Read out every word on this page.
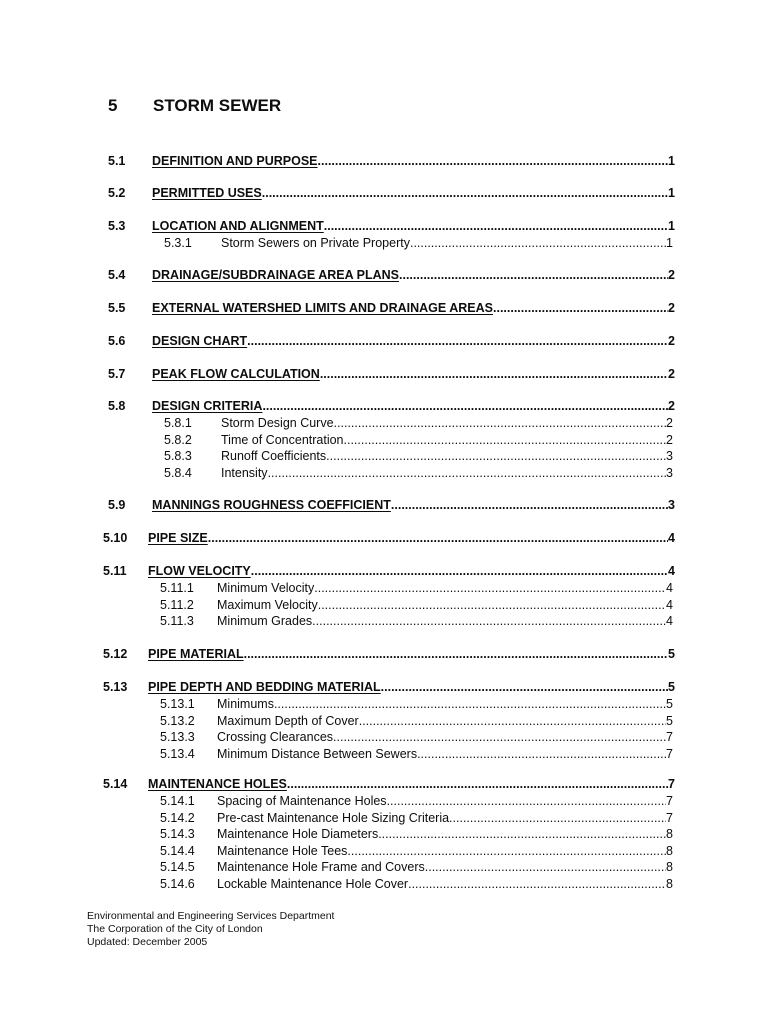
5 STORM SEWER
5.1 DEFINITION AND PURPOSE .....	1
5.2 PERMITTED USES .....	1
5.3 LOCATION AND ALIGNMENT .....	1
5.3.1 Storm Sewers on Private Property .....	1
5.4 DRAINAGE/SUBDRAINAGE AREA PLANS .....	2
5.5 EXTERNAL WATERSHED LIMITS AND DRAINAGE AREAS .....	2
5.6 DESIGN CHART .....	2
5.7 PEAK FLOW CALCULATION .....	2
5.8 DESIGN CRITERIA .....	2
5.8.1 Storm Design Curve .....	2
5.8.2 Time of Concentration .....	2
5.8.3 Runoff Coefficients .....	3
5.8.4 Intensity .....	3
5.9 MANNINGS ROUGHNESS COEFFICIENT .....	3
5.10 PIPE SIZE .....	4
5.11 FLOW VELOCITY .....	4
5.11.1 Minimum Velocity .....	4
5.11.2 Maximum Velocity .....	4
5.11.3 Minimum Grades .....	4
5.12 PIPE MATERIAL .....	5
5.13 PIPE DEPTH AND BEDDING MATERIAL .....	5
5.13.1 Minimums .....	5
5.13.2 Maximum Depth of Cover .....	5
5.13.3 Crossing Clearances .....	7
5.13.4 Minimum Distance Between Sewers .....	7
5.14 MAINTENANCE HOLES .....	7
5.14.1 Spacing of Maintenance Holes .....	7
5.14.2 Pre-cast Maintenance Hole Sizing Criteria .....	7
5.14.3 Maintenance Hole Diameters .....	8
5.14.4 Maintenance Hole Tees .....	8
5.14.5 Maintenance Hole Frame and Covers .....	8
5.14.6 Lockable Maintenance Hole Cover .....	8
Environmental and Engineering Services Department
The Corporation of the City of London
Updated: December 2005
